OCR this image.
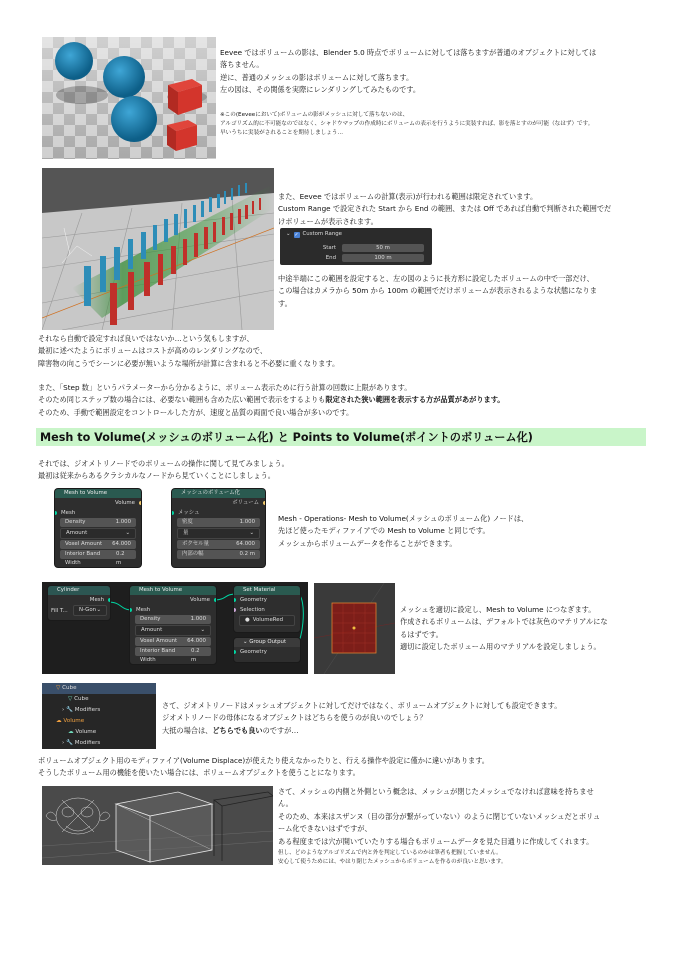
Eevee ではボリュームの影は、Blender 5.0 時点でボリュームに対しては落ちますが普通のオブジェクトに対しては

落ちません。

逆に、普通のメッシュの影はボリュームに対して落ちます。

左の図は、その関係を実際にレンダリングしてみたものです。

※この(Eeveeにおいて)ボリュームの影がメッシュに対して落ちないのは、

アルゴリズム的に不可能なのではなく、シャドウマップの作成時にボリュームの表示を行うように実装すれば、影を落とすのが可能（なはず）です。

早いうちに実装がされることを期待しましょう…

また、Eevee ではボリュームの計算(表示)が行われる範囲は限定されています。

Custom Range で設定された Start から End の範囲、または Off であれば自動で判断された範囲でだ

けボリュームが表示されます。

⌄ ✓ Custom Range
Start	50 m
End	100 m

中途半端にこの範囲を設定すると、左の図のように長方形に設定したボリュームの中で一部だけ、

この場合はカメラから 50m から 100m の範囲でだけボリュームが表示されるような状態になりま

す。

それなら自動で設定すれば良いではないか…という気もしますが、

最初に述べたようにボリュームはコストが高めのレンダリングなので、

障害物の向こうでシーンに必要が無いような場所が計算に含まれると不必要に重くなります。

また、「Step 数」というパラメーターから分かるように、ボリューム表示ために行う計算の回数に上限があります。

そのため同じステップ数の場合には、必要ない範囲も含めた広い範囲で表示をするよりも限定された狭い範囲を表示する方が品質があがります。

そのため、手動で範囲設定をコントロールした方が、速度と品質の両面で良い場合が多いのです。

Mesh to Volume(メッシュのボリューム化) と Points to Volume(ポイントのボリューム化)

それでは、ジオメトリノードでのボリュームの操作に関して見てみましょう。

最初は従来からあるクラシカルなノードから見ていくことにしましょう。

Mesh to Volume
Volume
Mesh
Density	1.000
Amount	⌄
Voxel Amount 64.000
Interior Band Width
0.2 m
メッシュのボリューム化
ボリューム
メッシュ
密度	1.000
量	⌄
ボクセル量	64.000
内部の幅	0.2 m

Mesh - Operations- Mesh to Volume(メッシュのボリューム化) ノードは、

先ほど使ったモディファイアでの Mesh to Volume と同じです。

メッシュからボリュームデータを作ることができます。

Cylinder
Mesh
Fill T...	N-Gon ⌄
Mesh to Volume
Volume
Mesh
Density	1.000
Amount	⌄
Voxel Amount 64.000
Interior Band Width
0.2 m
Set Material
Geometry
Selection
● VolumeRed
⌄ Group Output
Geometry

メッシュを適切に設定し、Mesh to Volume につなぎます。

作成されるボリュームは、デフォルトでは灰色のマテリアルにな

るはずです。

適切に設定したボリューム用のマテリアルを設定しましょう。

▽ Cube
▽ Cube
› 🔧 Modifiers
☁ Volume
☁ Volume
› 🔧 Modifiers

さて、ジオメトリノードはメッシュオブジェクトに対してだけではなく、ボリュームオブジェクトに対しても設定できます。

ジオメトリノードの母体になるオブジェクトはどちらを使うのが良いのでしょう？

大抵の場合は、どちらでも良いのですが…

ボリュームオブジェクト用のモディファイア(Volume Displace)が使えたり使えなかったりと、行える操作や設定に僅かに違いがあります。

そうしたボリューム用の機能を使いたい場合には、ボリュームオブジェクトを使うことになります。

さて、メッシュの内側と外側という概念は、メッシュが閉じたメッシュでなければ意味を持ちませ

ん。

そのため、本来はスザンヌ（目の部分が繋がっていない）のように閉じていないメッシュだとボリュ

ーム化できないはずですが、

ある程度までは穴が開いていたりする場合もボリュームデータを見た目通りに作成してくれます。

但し、どのようなアルゴリズムで内と外を判定しているのかは筆者も把握していません。

安心して使うためには、やはり閉じたメッシュからボリュームを作るのが良いと思います。
